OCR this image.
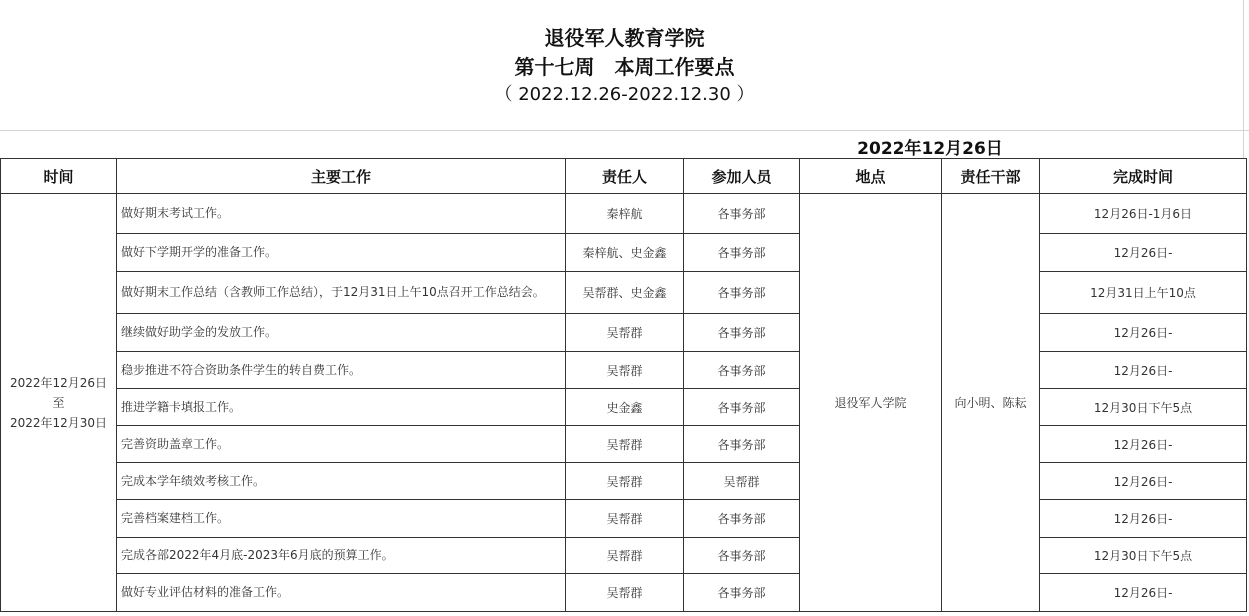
退役军人教育学院
第十七周　本周工作要点
（ 2022.12.26-2022.12.30 ）
2022年12月26日
时间	主要工作	责任人	参加人员	地点	责任干部	完成时间
2022年12月26日
至
2022年12月30日	做好期末考试工作。	秦梓航	各事务部	退役军人学院	向小明、陈耘	12月26日-1月6日
	做好下学期开学的准备工作。	秦梓航、史金鑫	各事务部			12月26日-
	做好期末工作总结（含教师工作总结），于12月31日上午10点召开工作总结会。	吴帮群、史金鑫	各事务部			12月31日上午10点
	继续做好助学金的发放工作。	吴帮群	各事务部			12月26日-
	稳步推进不符合资助条件学生的转自费工作。	吴帮群	各事务部			12月26日-
	推进学籍卡填报工作。	史金鑫	各事务部			12月30日下午5点
	完善资助盖章工作。	吴帮群	各事务部			12月26日-
	完成本学年绩效考核工作。	吴帮群	吴帮群			12月26日-
	完善档案建档工作。	吴帮群	各事务部			12月26日-
	完成各部2022年4月底-2023年6月底的预算工作。	吴帮群	各事务部			12月30日下午5点
	做好专业评估材料的准备工作。	吴帮群	各事务部			12月26日-
